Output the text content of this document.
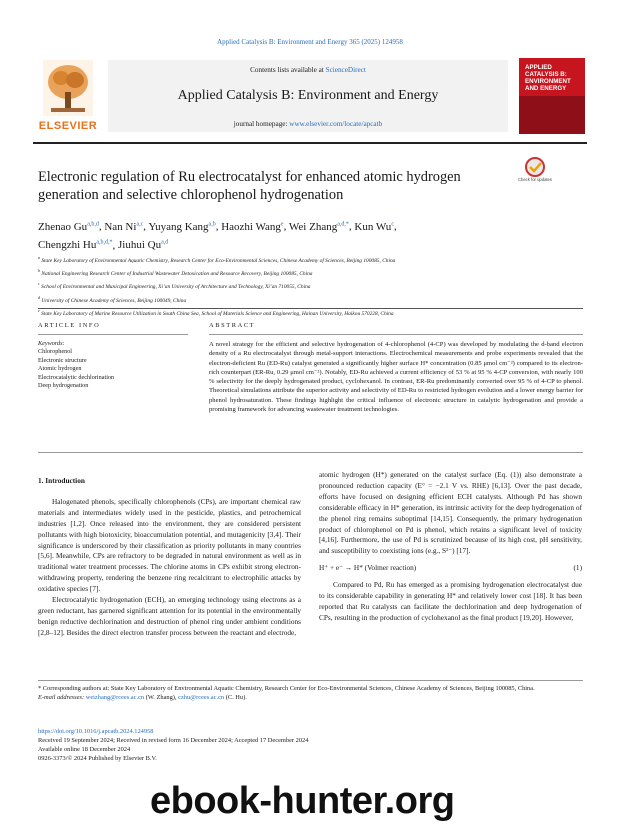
Applied Catalysis B: Environment and Energy 365 (2025) 124958
ELSEVIER
Contents lists available at ScienceDirect
Applied Catalysis B: Environment and Energy
journal homepage: www.elsevier.com/locate/apcatb
APPLIED CATALYSIS B: ENVIRONMENT AND ENERGY
Electronic regulation of Ru electrocatalyst for enhanced atomic hydrogen generation and selective chlorophenol hydrogenation
Check for updates
Zhenao Gu$^{a,b,d}$, Nan Ni$^{a,c}$, Yuyang Kang$^{a,b}$, Haozhi Wang$^e$, Wei Zhang$^{a,d,*}$, Kun Wu$^c$,
Chengzhi $Hu^{a,b,d,*}$, Jiuhui Qu$^{a,d}$
$^a$ State Key Laboratory of Environmental Aquatic Chemistry, Research Center for Eco-Environmental Sciences, Chinese Academy of Sciences, Beijing 100085, China
$^b$ National Engineering Research Center of Industrial Wastewater Detoxication and Resource Recovery, Beijing 100085, China
$^c$ School of Environmental and Municipal Engineering, Xi’an University of Architecture and Technology, Xi’an 710055, China
$^d$ University of Chinese Academy of Sciences, Beijing 100049, China
$^e$ State Key Laboratory of Marine Resource Utilization in South China Sea, School of Materials Science and Engineering, Hainan University, Haikou 570228, China
ARTICLE INFO	ABSTRACT
Keywords:
Chlorophenol
Electronic structure
Atomic hydrogen
Electrocatalytic dechlorination
Deep hydrogenation
A novel strategy for the efficient and selective hydrogenation of 4-chlorophenol (4-CP) was developed by modulating the d-band electron density of a Ru electrocatalyst through metal-support interactions. Electrochemical measurements and probe experiments revealed that the electron-deficient Ru (ED-Ru) catalyst generated a significantly higher surface H* concentration (0.85 μmol cm⁻²) compared to its electron-rich counterpart (ER-Ru, 0.29 μmol cm⁻²). Notably, ED-Ru achieved a current efficiency of 53 % at 95 % 4-CP conversion, with nearly 100 % selectivity for the deeply hydrogenated product, cyclohexanol. In contrast, ER-Ru predominantly converted over 95 % of 4-CP to phenol. Theoretical simulations attribute the superior activity and selectivity of ED-Ru to restricted hydrogen evolution and a lower energy barrier for phenol hydrosaturation. These findings highlight the critical influence of electronic structure in catalytic hydrogenation and provide a promising framework for advancing wastewater treatment technologies.
1. Introduction

Halogenated phenols, specifically chlorophenols (CPs), are important chemical raw materials and intermediates widely used in the pesticide, plastics, and petrochemical industries [1,2]. Once released into the environment, they are considered persistent pollutants with high biotoxicity, bioaccumulation potential, and mutagenicity [3,4]. Their significance is underscored by their classification as priority pollutants in many countries [5,6]. Meanwhile, CPs are refractory to be degraded in natural environment as well as in traditional water treatment processes. The chlorine atoms in CPs exhibit strong electron-withdrawing property, rendering the benzene ring recalcitrant to electrophilic attacks by oxidative species [7].

Electrocatalytic hydrogenation (ECH), an emerging technology using electrons as a green reductant, has garnered significant attention for its potential in the environmentally benign reductive dechlorination and destruction of phenol ring under ambient conditions [2,8–12]. Besides the direct electron transfer process between the reactant and electrode,

atomic hydrogen (H*) generated on the catalyst surface (Eq. (1)) also demonstrate a pronounced reduction capacity (E° = −2.1 V vs. RHE) [6,13]. Over the past decade, efforts have focused on designing efficient ECH catalysts. Although Pd has shown considerable efficacy in H* generation, its intrinsic activity for the deep hydrogenation of the phenol ring remains suboptimal [14,15]. Consequently, the primary hydrogenation product of chlorophenol on Pd is phenol, which retains a significant level of toxicity [4,16]. Furthermore, the use of Pd is scrutinized because of its high cost, pH sensitivity, and susceptibility to coexisting ions (e.g., S²⁻) [17].

H⁺ + e⁻ → H* (Volmer reaction)	(1)

Compared to Pd, Ru has emerged as a promising hydrogenation electrocatalyst due to its considerable capability in generating H* and relatively lower cost [18]. It has been reported that Ru catalysts can facilitate the dechlorination and deep hydrogenation of CPs, resulting in the production of cyclohexanol as the final product [19,20]. However,

* Corresponding authors at: State Key Laboratory of Environmental Aquatic Chemistry, Research Center for Eco-Environmental Sciences, Chinese Academy of Sciences, Beijing 100085, China.
E-mail addresses: weizhang@rcees.ac.cn (W. Zhang), czhu@rcees.ac.cn (C. Hu).
https://doi.org/10.1016/j.apcatb.2024.124958
Received 19 September 2024; Received in revised form 16 December 2024; Accepted 17 December 2024
Available online 18 December 2024
0926-3373/© 2024 Published by Elsevier B.V.
ebook-hunter.org
